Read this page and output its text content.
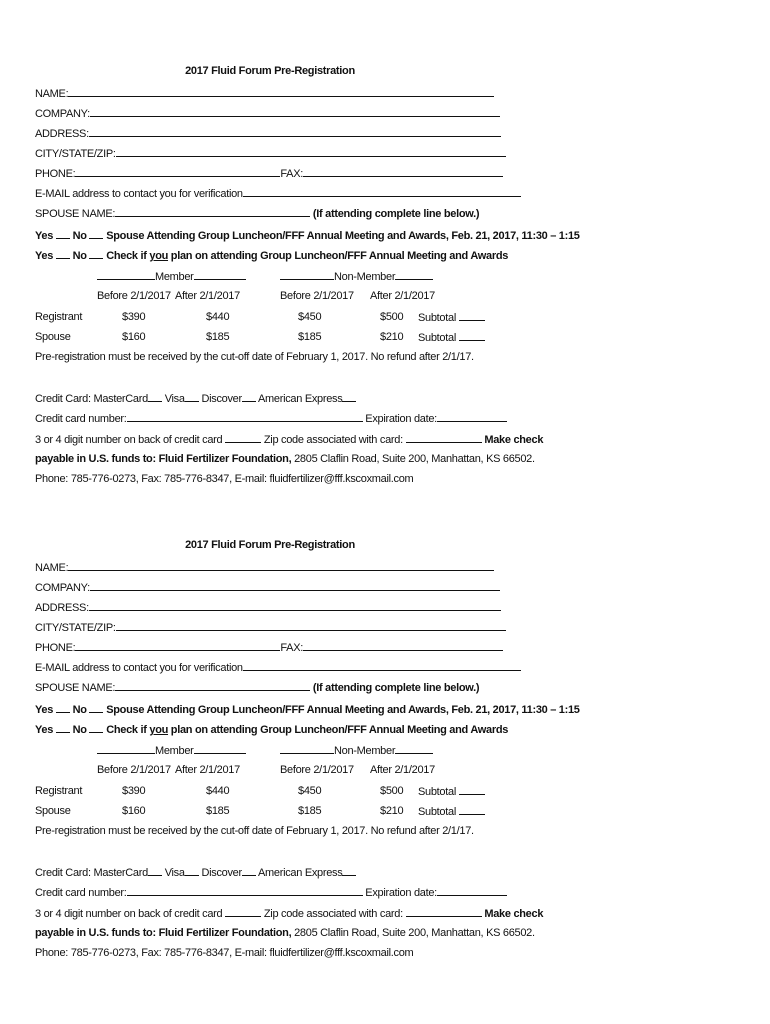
2017 Fluid Forum Pre-Registration
NAME:
COMPANY:
ADDRESS:
CITY/STATE/ZIP:
PHONE:	FAX:
E-MAIL address to contact you for verification
SPOUSE NAME:	(If attending complete line below.)
Yes No Spouse Attending Group Luncheon/FFF Annual Meeting and Awards, Feb. 21, 2017, 11:30 – 1:15
Yes No Check if you plan on attending Group Luncheon/FFF Annual Meeting and Awards
Member	Non-Member
Before 2/1/2017 After 2/1/2017	Before 2/1/2017 After 2/1/2017
Registrant	$390	$440	$450	$500 Subtotal
Spouse	$160	$185	$185	$210 Subtotal
Pre-registration must be received by the cut-off date of February 1, 2017. No refund after 2/1/17.
Credit Card: MasterCard Visa Discover American Express
Credit card number:	Expiration date:
3 or 4 digit number on back of credit card	Zip code associated with card:	Make check
payable in U.S. funds to: Fluid Fertilizer Foundation, 2805 Claflin Road, Suite 200, Manhattan, KS 66502.
Phone: 785-776-0273, Fax: 785-776-8347, E-mail: fluidfertilizer@fff.kscoxmail.com
2017 Fluid Forum Pre-Registration
NAME:
COMPANY:
ADDRESS:
CITY/STATE/ZIP:
PHONE:	FAX:
E-MAIL address to contact you for verification
SPOUSE NAME:	(If attending complete line below.)
Yes No Spouse Attending Group Luncheon/FFF Annual Meeting and Awards, Feb. 21, 2017, 11:30 – 1:15
Yes No Check if you plan on attending Group Luncheon/FFF Annual Meeting and Awards
Member	Non-Member
Before 2/1/2017 After 2/1/2017	Before 2/1/2017 After 2/1/2017
Registrant	$390	$440	$450	$500 Subtotal
Spouse	$160	$185	$185	$210 Subtotal
Pre-registration must be received by the cut-off date of February 1, 2017. No refund after 2/1/17.
Credit Card: MasterCard Visa Discover American Express
Credit card number:	Expiration date:
3 or 4 digit number on back of credit card	Zip code associated with card:	Make check
payable in U.S. funds to: Fluid Fertilizer Foundation, 2805 Claflin Road, Suite 200, Manhattan, KS 66502.
Phone: 785-776-0273, Fax: 785-776-8347, E-mail: fluidfertilizer@fff.kscoxmail.com
